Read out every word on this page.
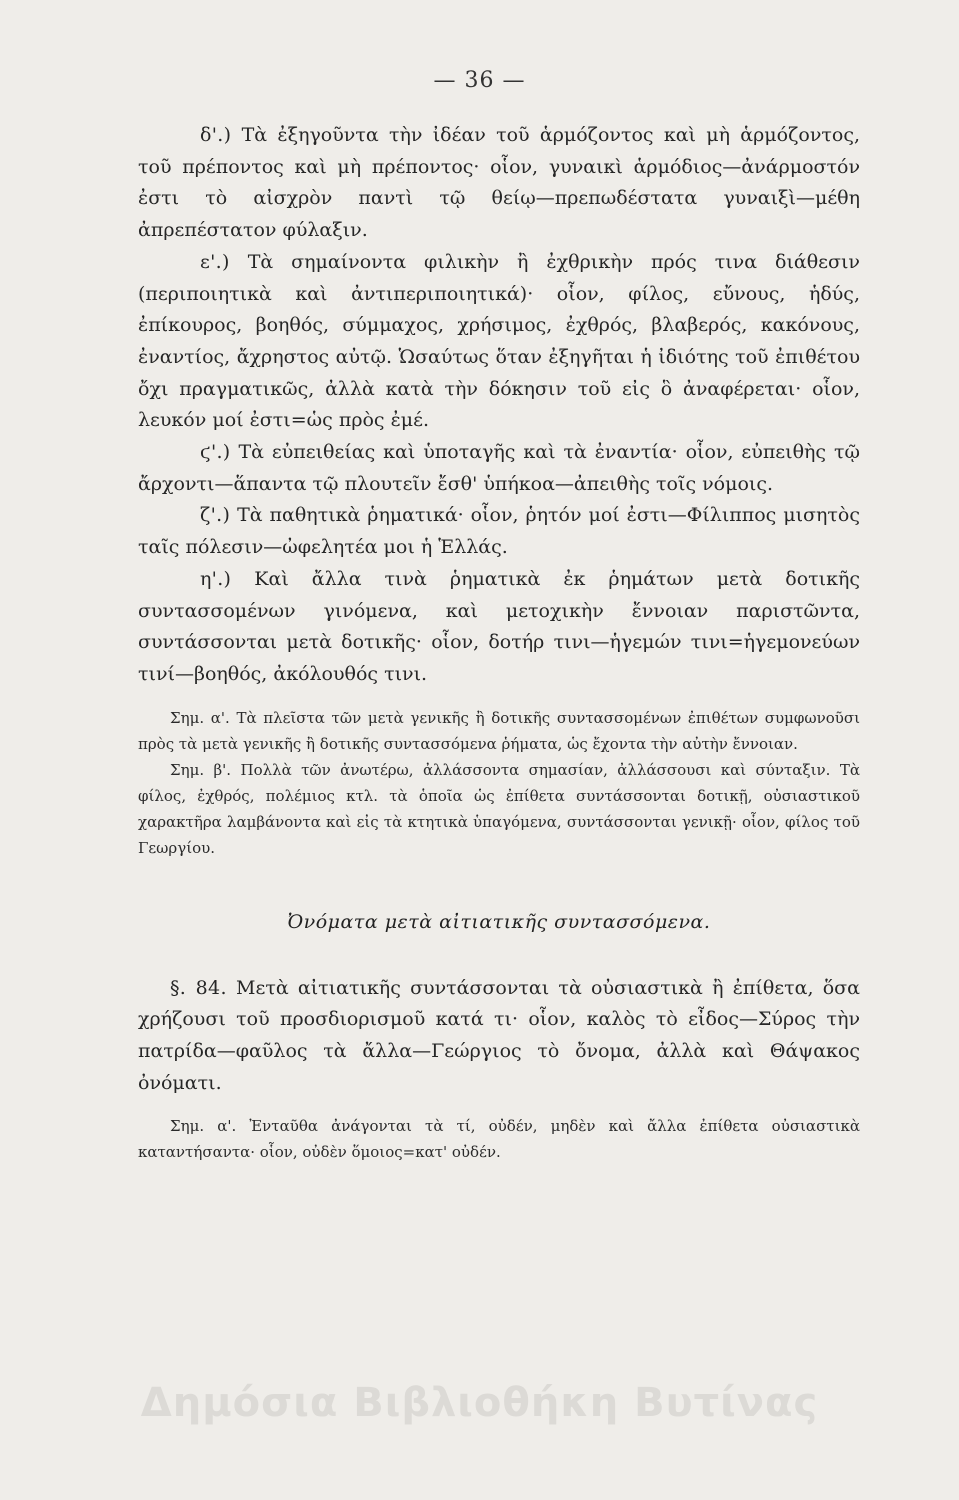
— 36 —

δ'.) Τὰ ἐξηγοῦντα τὴν ἰδέαν τοῦ ἁρμόζοντος καὶ μὴ ἁρμόζοντος, τοῦ πρέποντος καὶ μὴ πρέποντος· οἷον, γυναικὶ ἁρμόδιος—ἀνάρμοστόν ἐστι τὸ αἰσχρὸν παντὶ τῷ θείῳ—πρεπωδέστατα γυναιξὶ—μέθη ἀπρεπέστατον φύλαξιν.

ε'.) Τὰ σημαίνοντα φιλικὴν ἢ ἐχθρικὴν πρός τινα διάθεσιν (περιποιητικὰ καὶ ἀντιπεριποιητικά)· οἷον, φίλος, εὔνους, ἡδύς, ἐπίκουρος, βοηθός, σύμμαχος, χρήσιμος, ἐχθρός, βλαβερός, κακόνους, ἐναντίος, ἄχρηστος αὐτῷ. Ὡσαύτως ὅταν ἐξηγῆται ἡ ἰδιότης τοῦ ἐπιθέτου ὄχι πραγματικῶς, ἀλλὰ κατὰ τὴν δόκησιν τοῦ εἰς ὃ ἀναφέρεται· οἷον, λευκόν μοί ἐστι=ὡς πρὸς ἐμέ.

ϛ'.) Τὰ εὐπειθείας καὶ ὑποταγῆς καὶ τὰ ἐναντία· οἷον, εὐπειθὴς τῷ ἄρχοντι—ἅπαντα τῷ πλουτεῖν ἔσθ' ὑπήκοα—ἀπειθὴς τοῖς νόμοις.

ζ'.) Τὰ παθητικὰ ῥηματικά· οἷον, ῥητόν μοί ἐστι—Φίλιππος μισητὸς ταῖς πόλεσιν—ὠφελητέα μοι ἡ Ἑλλάς.

η'.) Καὶ ἄλλα τινὰ ῥηματικὰ ἐκ ῥημάτων μετὰ δοτικῆς συντασσομένων γινόμενα, καὶ μετοχικὴν ἔννοιαν παριστῶντα, συντάσσονται μετὰ δοτικῆς· οἷον, δοτήρ τινι—ἡγεμών τινι=ἡγεμονεύων τινί—βοηθός, ἀκόλουθός τινι.

Σημ. α'. Τὰ πλεῖστα τῶν μετὰ γενικῆς ἢ δοτικῆς συντασσομένων ἐπιθέτων συμφωνοῦσι πρὸς τὰ μετὰ γενικῆς ἢ δοτικῆς συντασσόμενα ῥήματα, ὡς ἔχοντα τὴν αὐτὴν ἔννοιαν.

Σημ. β'. Πολλὰ τῶν ἀνωτέρω, ἀλλάσσοντα σημασίαν, ἀλλάσσουσι καὶ σύνταξιν. Τὰ φίλος, ἐχθρός, πολέμιος κτλ. τὰ ὁποῖα ὡς ἐπίθετα συντάσσονται δοτικῇ, οὐσιαστικοῦ χαρακτῆρα λαμβάνοντα καὶ εἰς τὰ κτητικὰ ὑπαγόμενα, συντάσσονται γενικῇ· οἷον, φίλος τοῦ Γεωργίου.

Ὀνόματα μετὰ αἰτιατικῆς συντασσόμενα.

§. 84. Μετὰ αἰτιατικῆς συντάσσονται τὰ οὐσιαστικὰ ἢ ἐπίθετα, ὅσα χρήζουσι τοῦ προσδιορισμοῦ κατά τι· οἷον, καλὸς τὸ εἶδος—Σύρος τὴν πατρίδα—φαῦλος τὰ ἄλλα—Γεώργιος τὸ ὄνομα, ἀλλὰ καὶ Θάψακος ὀνόματι.

Σημ. α'. Ἐνταῦθα ἀνάγονται τὰ τί, οὐδέν, μηδὲν καὶ ἄλλα ἐπίθετα οὐσιαστικὰ καταντήσαντα· οἷον, οὐδὲν ὅμοιος=κατ' οὐδέν.

Δημόσια Βιβλιοθήκη Βυτίνας
